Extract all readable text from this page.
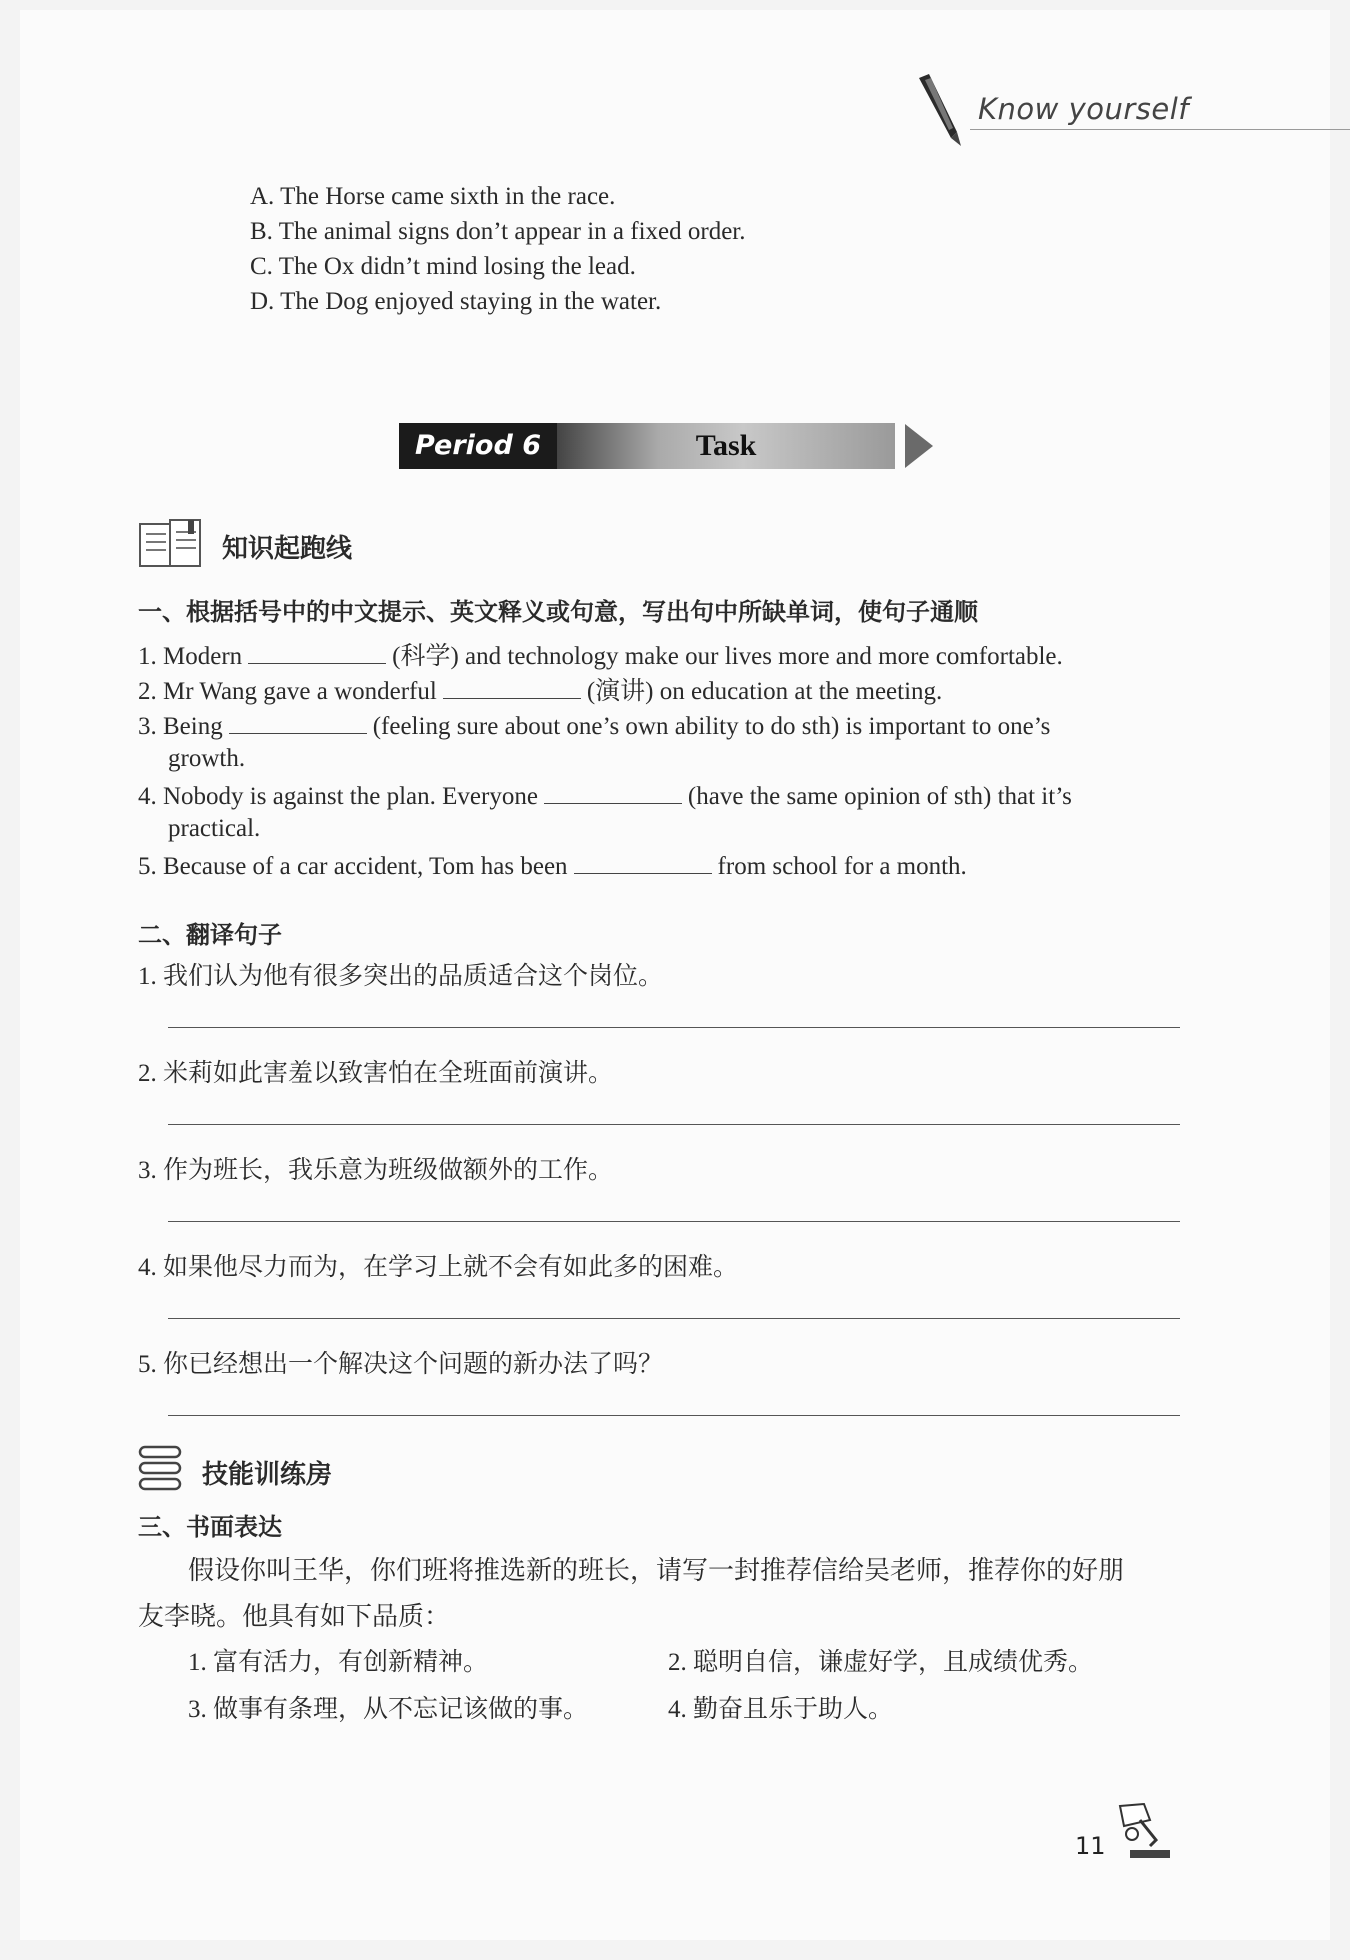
Know yourself
A. The Horse came sixth in the race.
B. The animal signs don’t appear in a fixed order.
C. The Ox didn’t mind losing the lead.
D. The Dog enjoyed staying in the water.
Period 6	Task
知识起跑线
一、根据括号中的中文提示、英文释义或句意，写出句中所缺单词，使句子通顺
1. Modern	(科学) and technology make our lives more and more comfortable.
2. Mr Wang gave a wonderful	(演讲) on education at the meeting.
3. Being	(feeling sure about one’s own ability to do sth) is important to one’s
growth.
4. Nobody is against the plan. Everyone	(have the same opinion of sth) that it’s
practical.
5. Because of a car accident, Tom has been	from school for a month.
二、翻译句子
1. 我们认为他有很多突出的品质适合这个岗位。
2. 米莉如此害羞以致害怕在全班面前演讲。
3. 作为班长，我乐意为班级做额外的工作。
4. 如果他尽力而为，在学习上就不会有如此多的困难。
5. 你已经想出一个解决这个问题的新办法了吗？
技能训练房
三、书面表达
假设你叫王华，你们班将推选新的班长，请写一封推荐信给吴老师，推荐你的好朋
友李晓。他具有如下品质：
1. 富有活力，有创新精神。	2. 聪明自信，谦虚好学，且成绩优秀。
3. 做事有条理，从不忘记该做的事。	4. 勤奋且乐于助人。
11
